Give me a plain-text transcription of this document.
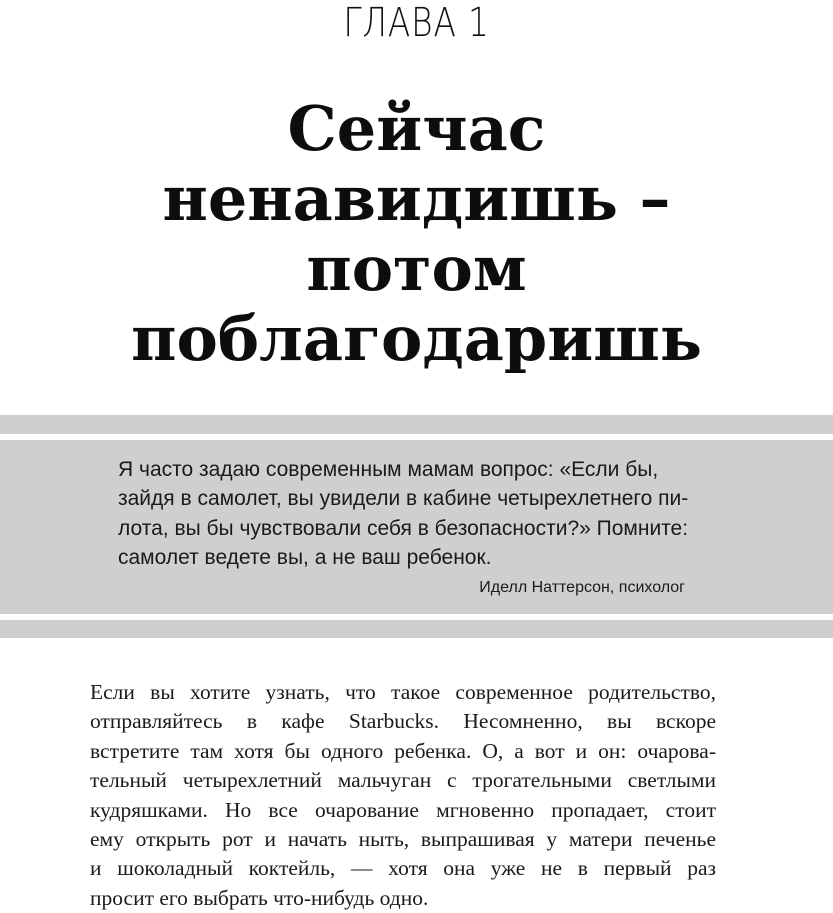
ГЛАВА 1
Сейчас
ненавидишь –
потом
поблагодаришь
Я часто задаю современным мамам вопрос: «Если бы,
зайдя в самолет, вы увидели в кабине четырехлетнего пи-
лота, вы бы чувствовали себя в безопасности?» Помните:
самолет ведете вы, а не ваш ребенок.
Иделл Наттерсон, психолог
Если вы хотите узнать, что такое современное родительство,
отправляйтесь в кафе Starbucks. Несомненно, вы вскоре
встретите там хотя бы одного ребенка. О, а вот и он: очарова-
тельный четырехлетний мальчуган с трогательными светлыми
кудряшками. Но все очарование мгновенно пропадает, стоит
ему открыть рот и начать ныть, выпрашивая у матери печенье
и шоколадный коктейль, — хотя она уже не в первый раз
просит его выбрать что-нибудь одно.
